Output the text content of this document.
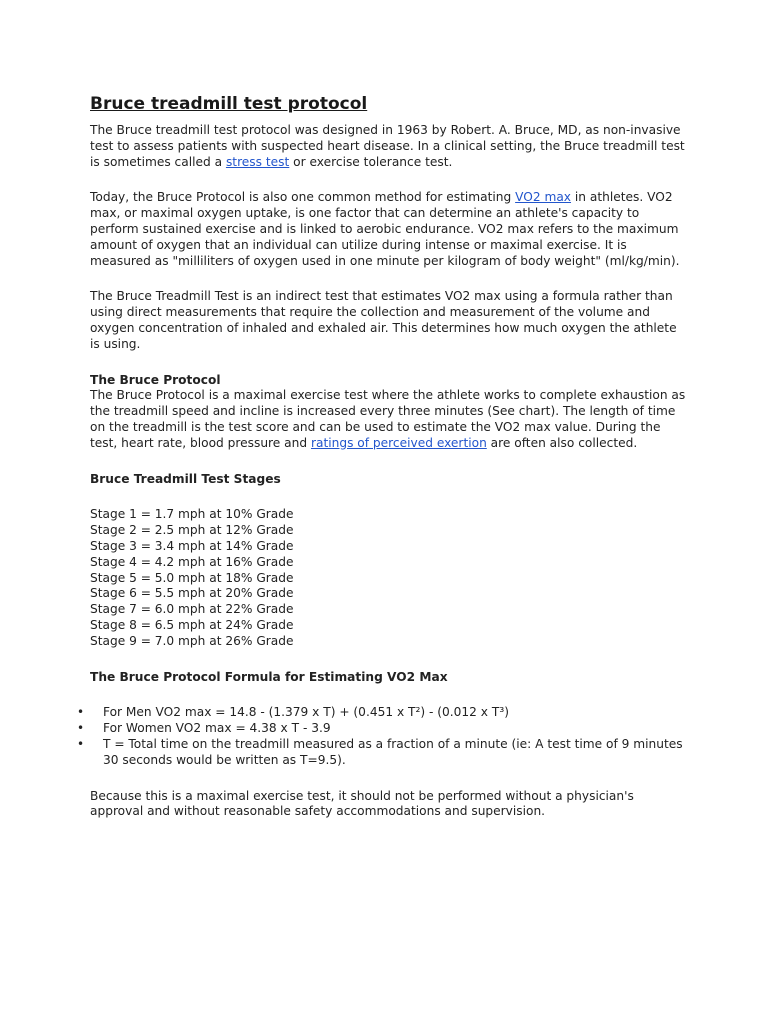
Bruce treadmill test protocol

The Bruce treadmill test protocol was designed in 1963 by Robert. A. Bruce, MD, as non-invasive test to assess patients with suspected heart disease. In a clinical setting, the Bruce treadmill test is sometimes called a stress test or exercise tolerance test.

Today, the Bruce Protocol is also one common method for estimating VO2 max in athletes. VO2 max, or maximal oxygen uptake, is one factor that can determine an athlete's capacity to perform sustained exercise and is linked to aerobic endurance. VO2 max refers to the maximum amount of oxygen that an individual can utilize during intense or maximal exercise. It is measured as "milliliters of oxygen used in one minute per kilogram of body weight" (ml/kg/min).

The Bruce Treadmill Test is an indirect test that estimates VO2 max using a formula rather than using direct measurements that require the collection and measurement of the volume and oxygen concentration of inhaled and exhaled air. This determines how much oxygen the athlete is using.

The Bruce Protocol

The Bruce Protocol is a maximal exercise test where the athlete works to complete exhaustion as the treadmill speed and incline is increased every three minutes (See chart). The length of time on the treadmill is the test score and can be used to estimate the VO2 max value. During the test, heart rate, blood pressure and ratings of perceived exertion are often also collected.

Bruce Treadmill Test Stages

Stage 1 = 1.7 mph at 10% Grade
Stage 2 = 2.5 mph at 12% Grade
Stage 3 = 3.4 mph at 14% Grade
Stage 4 = 4.2 mph at 16% Grade
Stage 5 = 5.0 mph at 18% Grade
Stage 6 = 5.5 mph at 20% Grade
Stage 7 = 6.0 mph at 22% Grade
Stage 8 = 6.5 mph at 24% Grade
Stage 9 = 7.0 mph at 26% Grade

The Bruce Protocol Formula for Estimating VO2 Max

• For Men VO2 max = 14.8 - (1.379 x T) + (0.451 x T²) - (0.012 x T³)
• For Women VO2 max = 4.38 x T - 3.9
• T = Total time on the treadmill measured as a fraction of a minute (ie: A test time of 9 minutes 30 seconds would be written as T=9.5).

Because this is a maximal exercise test, it should not be performed without a physician's approval and without reasonable safety accommodations and supervision.
